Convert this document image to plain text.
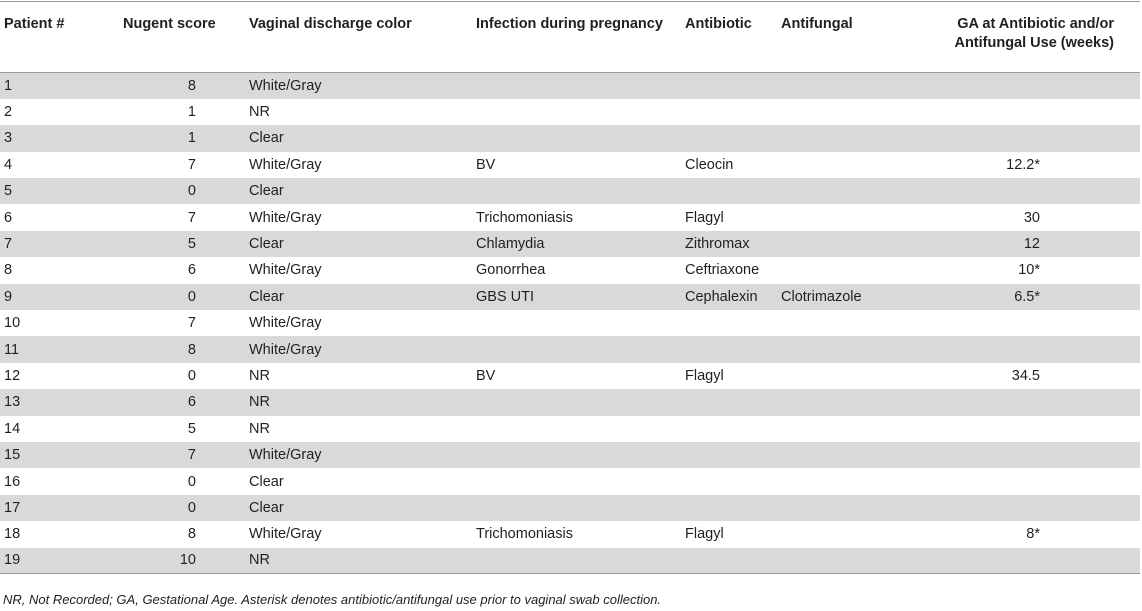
Patient #	Nugent score	Vaginal discharge color	Infection during pregnancy	Antibiotic	Antifungal	GA at Antibiotic and/or Antifungal Use (weeks)
1	8	White/Gray				
2	1	NR				
3	1	Clear				
4	7	White/Gray	BV	Cleocin		12.2*
5	0	Clear				
6	7	White/Gray	Trichomoniasis	Flagyl		30
7	5	Clear	Chlamydia	Zithromax		12
8	6	White/Gray	Gonorrhea	Ceftriaxone		10*
9	0	Clear	GBS UTI	Cephalexin	Clotrimazole	6.5*
10	7	White/Gray				
11	8	White/Gray				
12	0	NR	BV	Flagyl		34.5
13	6	NR				
14	5	NR				
15	7	White/Gray				
16	0	Clear				
17	0	Clear				
18	8	White/Gray	Trichomoniasis	Flagyl		8*
19	10	NR				
NR, Not Recorded; GA, Gestational Age. Asterisk denotes antibiotic/antifungal use prior to vaginal swab collection.
